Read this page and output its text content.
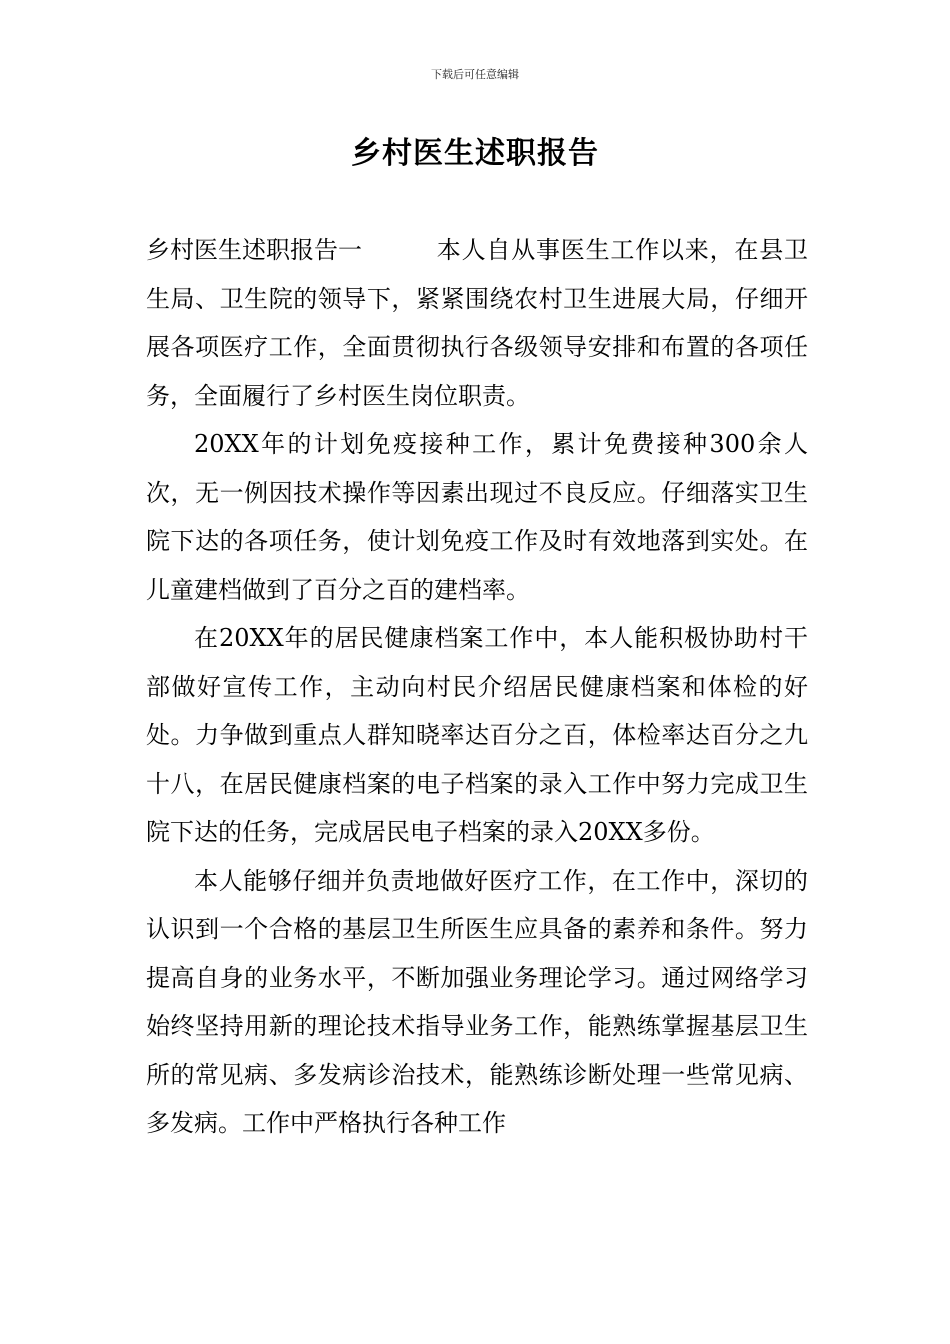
下载后可任意编辑
乡村医生述职报告

乡村医生述职报告一	本人自从事医生工作以来，在县卫生局、卫生院的领导下，紧紧围绕农村卫生进展大局，仔细开展各项医疗工作，全面贯彻执行各级领导安排和布置的各项任务，全面履行了乡村医生岗位职责。

20XX年的计划免疫接种工作，累计免费接种300余人次，无一例因技术操作等因素出现过不良反应。仔细落实卫生院下达的各项任务，使计划免疫工作及时有效地落到实处。在儿童建档做到了百分之百的建档率。

在20XX年的居民健康档案工作中，本人能积极协助村干部做好宣传工作，主动向村民介绍居民健康档案和体检的好处。力争做到重点人群知晓率达百分之百，体检率达百分之九十八，在居民健康档案的电子档案的录入工作中努力完成卫生院下达的任务，完成居民电子档案的录入20XX多份。

本人能够仔细并负责地做好医疗工作，在工作中，深切的认识到一个合格的基层卫生所医生应具备的素养和条件。努力提高自身的业务水平，不断加强业务理论学习。通过网络学习始终坚持用新的理论技术指导业务工作，能熟练掌握基层卫生所的常见病、多发病诊治技术，能熟练诊断处理一些常见病、多发病。工作中严格执行各种工作
